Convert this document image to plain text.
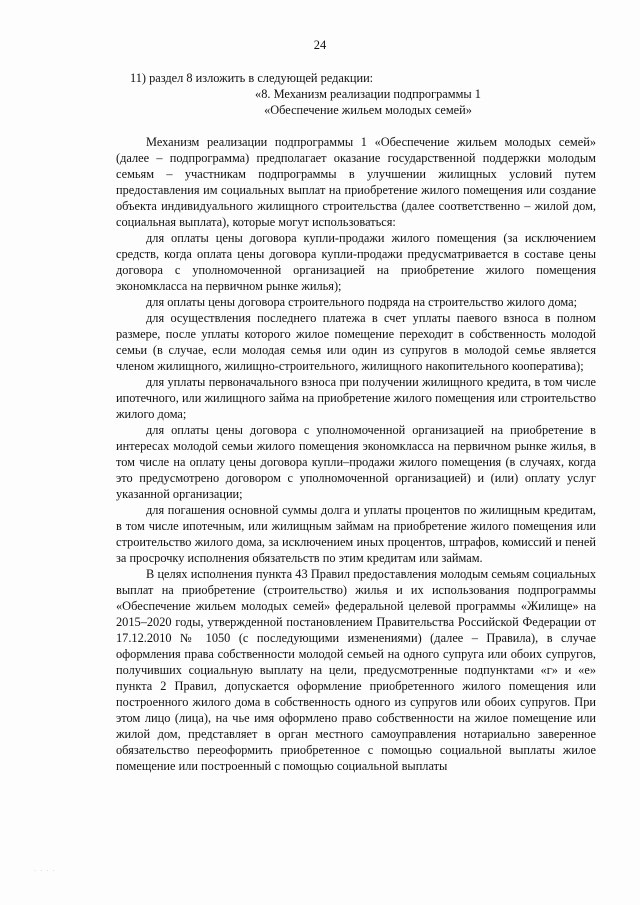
24
11) раздел 8 изложить в следующей редакции:
«8. Механизм реализации подпрограммы 1
«Обеспечение жильем молодых семей»

Механизм реализации подпрограммы 1 «Обеспечение жильем молодых семей» (далее – подпрограмма) предполагает оказание государственной поддержки молодым семьям – участникам подпрограммы в улучшении жилищных условий путем предоставления им социальных выплат на приобретение жилого помещения или создание объекта индивидуального жилищного строительства (далее соответственно – жилой дом, социальная выплата), которые могут использоваться:

для оплаты цены договора купли-продажи жилого помещения (за исключением средств, когда оплата цены договора купли-продажи предусматривается в составе цены договора с уполномоченной организацией на приобретение жилого помещения экономкласса на первичном рынке жилья);

для оплаты цены договора строительного подряда на строительство жилого дома;

для осуществления последнего платежа в счет уплаты паевого взноса в полном размере, после уплаты которого жилое помещение переходит в собственность молодой семьи (в случае, если молодая семья или один из супругов в молодой семье является членом жилищного, жилищно-строительного, жилищного накопительного кооператива);

для уплаты первоначального взноса при получении жилищного кредита, в том числе ипотечного, или жилищного займа на приобретение жилого помещения или строительство жилого дома;

для оплаты цены договора с уполномоченной организацией на приобретение в интересах молодой семьи жилого помещения экономкласса на первичном рынке жилья, в том числе на оплату цены договора купли–продажи жилого помещения (в случаях, когда это предусмотрено договором с уполномоченной организацией) и (или) оплату услуг указанной организации;

для погашения основной суммы долга и уплаты процентов по жилищным кредитам, в том числе ипотечным, или жилищным займам на приобретение жилого помещения или строительство жилого дома, за исключением иных процентов, штрафов, комиссий и пеней за просрочку исполнения обязательств по этим кредитам или займам.

В целях исполнения пункта 43 Правил предоставления молодым семьям социальных выплат на приобретение (строительство) жилья и их использования подпрограммы «Обеспечение жильем молодых семей» федеральной целевой программы «Жилище» на 2015–2020 годы, утвержденной постановлением Правительства Российской Федерации от 17.12.2010 № 1050 (с последующими изменениями) (далее – Правила), в случае оформления права собственности молодой семьей на одного супруга или обоих супругов, получивших социальную выплату на цели, предусмотренные подпунктами «г» и «е» пункта 2 Правил, допускается оформление приобретенного жилого помещения или построенного жилого дома в собственность одного из супругов или обоих супругов. При этом лицо (лица), на чье имя оформлено право собственности на жилое помещение или жилой дом, представляет в орган местного самоуправления нотариально заверенное обязательство переоформить приобретенное с помощью социальной выплаты жилое помещение или построенный с помощью социальной выплаты

· · · ·
